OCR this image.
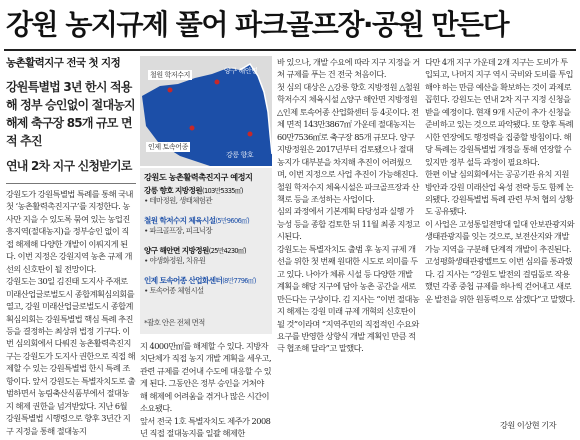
강원 농지규제 풀어 파크골프장·공원 만든다
농촌활력지구 전국 첫 지정
강원특별법 3년 한시 적용해 정부 승인없이 절대농지 해제 축구장 85개 규모 면적 추진
연내 2차 지구 신청받기로
강원도가 강원특별법 특례를 통해 국내 첫 ‘농촌활력촉진지구’를 지정한다. 농사만 지을 수 있도록 묶여 있는 농업진흥지역(절대농지)을 정부승인 없이 직접 해제해 다양한 개발이 이뤄지게 된다. 이번 지정은 강원지역 농촌 규제 개선의 신호탄이 될 전망이다.
강원도는 30일 김진태 도지사 주재로 미래산업글로벌도시 종합계획심의회를 열고, 강원 미래산업글로벌도시 종합계획심의회는 강원특별법 핵심 특례 추진 등을 결정하는 최상위 법정 기구다. 이번 심의회에서 다뤄진 농촌활력촉진지구는 강원도가 도지사 권한으로 직접 해제할 수 있는 강원특별법 한시 특례 조항이다. 앞서 강원도는 특별자치도로 출범하면서 농림축산식품부에서 절대농지 해제 권한을 넘겨받았다. 지난 6월 강원특별법 시행령으로 향후 3년간 지구 지정을 통해 절대농지
철원 학저수지	양구 해안면
인제 토속어종
강릉 향호
강원도 농촌활력촉진지구 예정지
강릉 향호 지방정원(103만5335㎡)
• 테마정원, 생태체험관
철원 학저수지 체육시설(5만9606㎡)
• 파크골프장, 피크닉장
양구 해안면 지방정원(25만4230㎡)
• 야생화정원, 치유원
인제 토속어종 산업화센터(8만7796㎡)
• 토속어종 체험시설
*괄호 안은 전체 면적
지 4000만㎡를 해제할 수 있다. 지방자치단체가 직접 농지 개발 계획을 세우고, 관련 규제를 걷어내 수도에 대응할 수 있게 된다. 그동안은 정부 승인을 거쳐야 해 해제에 어려움을 겪거나 많은 시간이 소요됐다.
앞서 전국 1호 특별자치도 제주가 2008년 직접 절대농지를 일괄 해제한
바 있으나, 개발 수요에 따라 지구 지정을 거쳐 규제를 푸는 건 전국 처음이다.
첫 심의 대상은 △강릉 향호 지방정원 △철원 학저수지 체육시설 △양구 해안면 지방정원 △인제 토속어종 산업화센터 등 4곳이다. 전체 면적 143만3867㎡ 가운데 절대농지는 60만7536㎡로 축구장 85개 규모다. 양구 지방정원은 2017년부터 검토됐으나 절대농지가 대부분을 차지해 추진이 어려웠으며, 이번 지정으로 사업 추진이 가능해진다. 철원 학저수지 체육시설은 파크골프장과 산책로 등을 조성하는 사업이다.
심의 과정에서 기본계획 타당성과 실행 가능성 등을 종합 검토한 뒤 11월 최종 지정고시된다.
강원도는 특별자치도 출범 후 농지 규제 개선을 위한 첫 번째 원대한 시도로 의미를 두고 있다. 나아가 체류 시설 등 다양한 개발 계획을 해당 지구에 담아 농촌 공간을 새로 만든다는 구상이다. 김 지사는 “이번 절대농지 해제는 강원 미래 규제 개혁의 신호탄이 될 것”이라며 “지역주민의 직접적인 수요와 요구를 반영한 상향식 개발 계획인 만큼 적극 협조해 달라”고 말했다.
다만 4개 지구 가운데 2개 지구는 도비가 투입되고, 나머지 지구 역시 국비와 도비를 투입해야 하는 만큼 예산을 확보하는 것이 과제로 꼽힌다. 강원도는 연내 2차 지구 지정 신청을 받을 예정이다. 현재 9개 시군이 추가 신청을 준비하고 있는 것으로 파악됐다. 또 향후 특례 시한 연장에도 행정력을 집중할 방침이다. 해당 특례는 강원특별법 개정을 통해 연장할 수 있지만 정부 설득 과정이 필요하다.
한편 이날 심의회에서는 공공기관 유치 지원 방안과 강원 미래산업 육성 전략 등도 함께 논의됐다. 강원특별법 특례 관련 부처 협의 상황도 공유됐다.
이 사업은 고성통일전망대 일대 안보관광지와 생태관광지를 잇는 것으로, 보전산지와 개발 가능 지역을 구분해 단계적 개발이 추진된다. 고성평화생태관광벨트도 이번 심의를 통과했다. 김 지사는 “강원도 발전의 걸림돌로 작용했던 각종 중첩 규제를 하나씩 걷어내고 새로운 발전을 위한 원동력으로 삼겠다”고 말했다.
강원 이상현 기자
